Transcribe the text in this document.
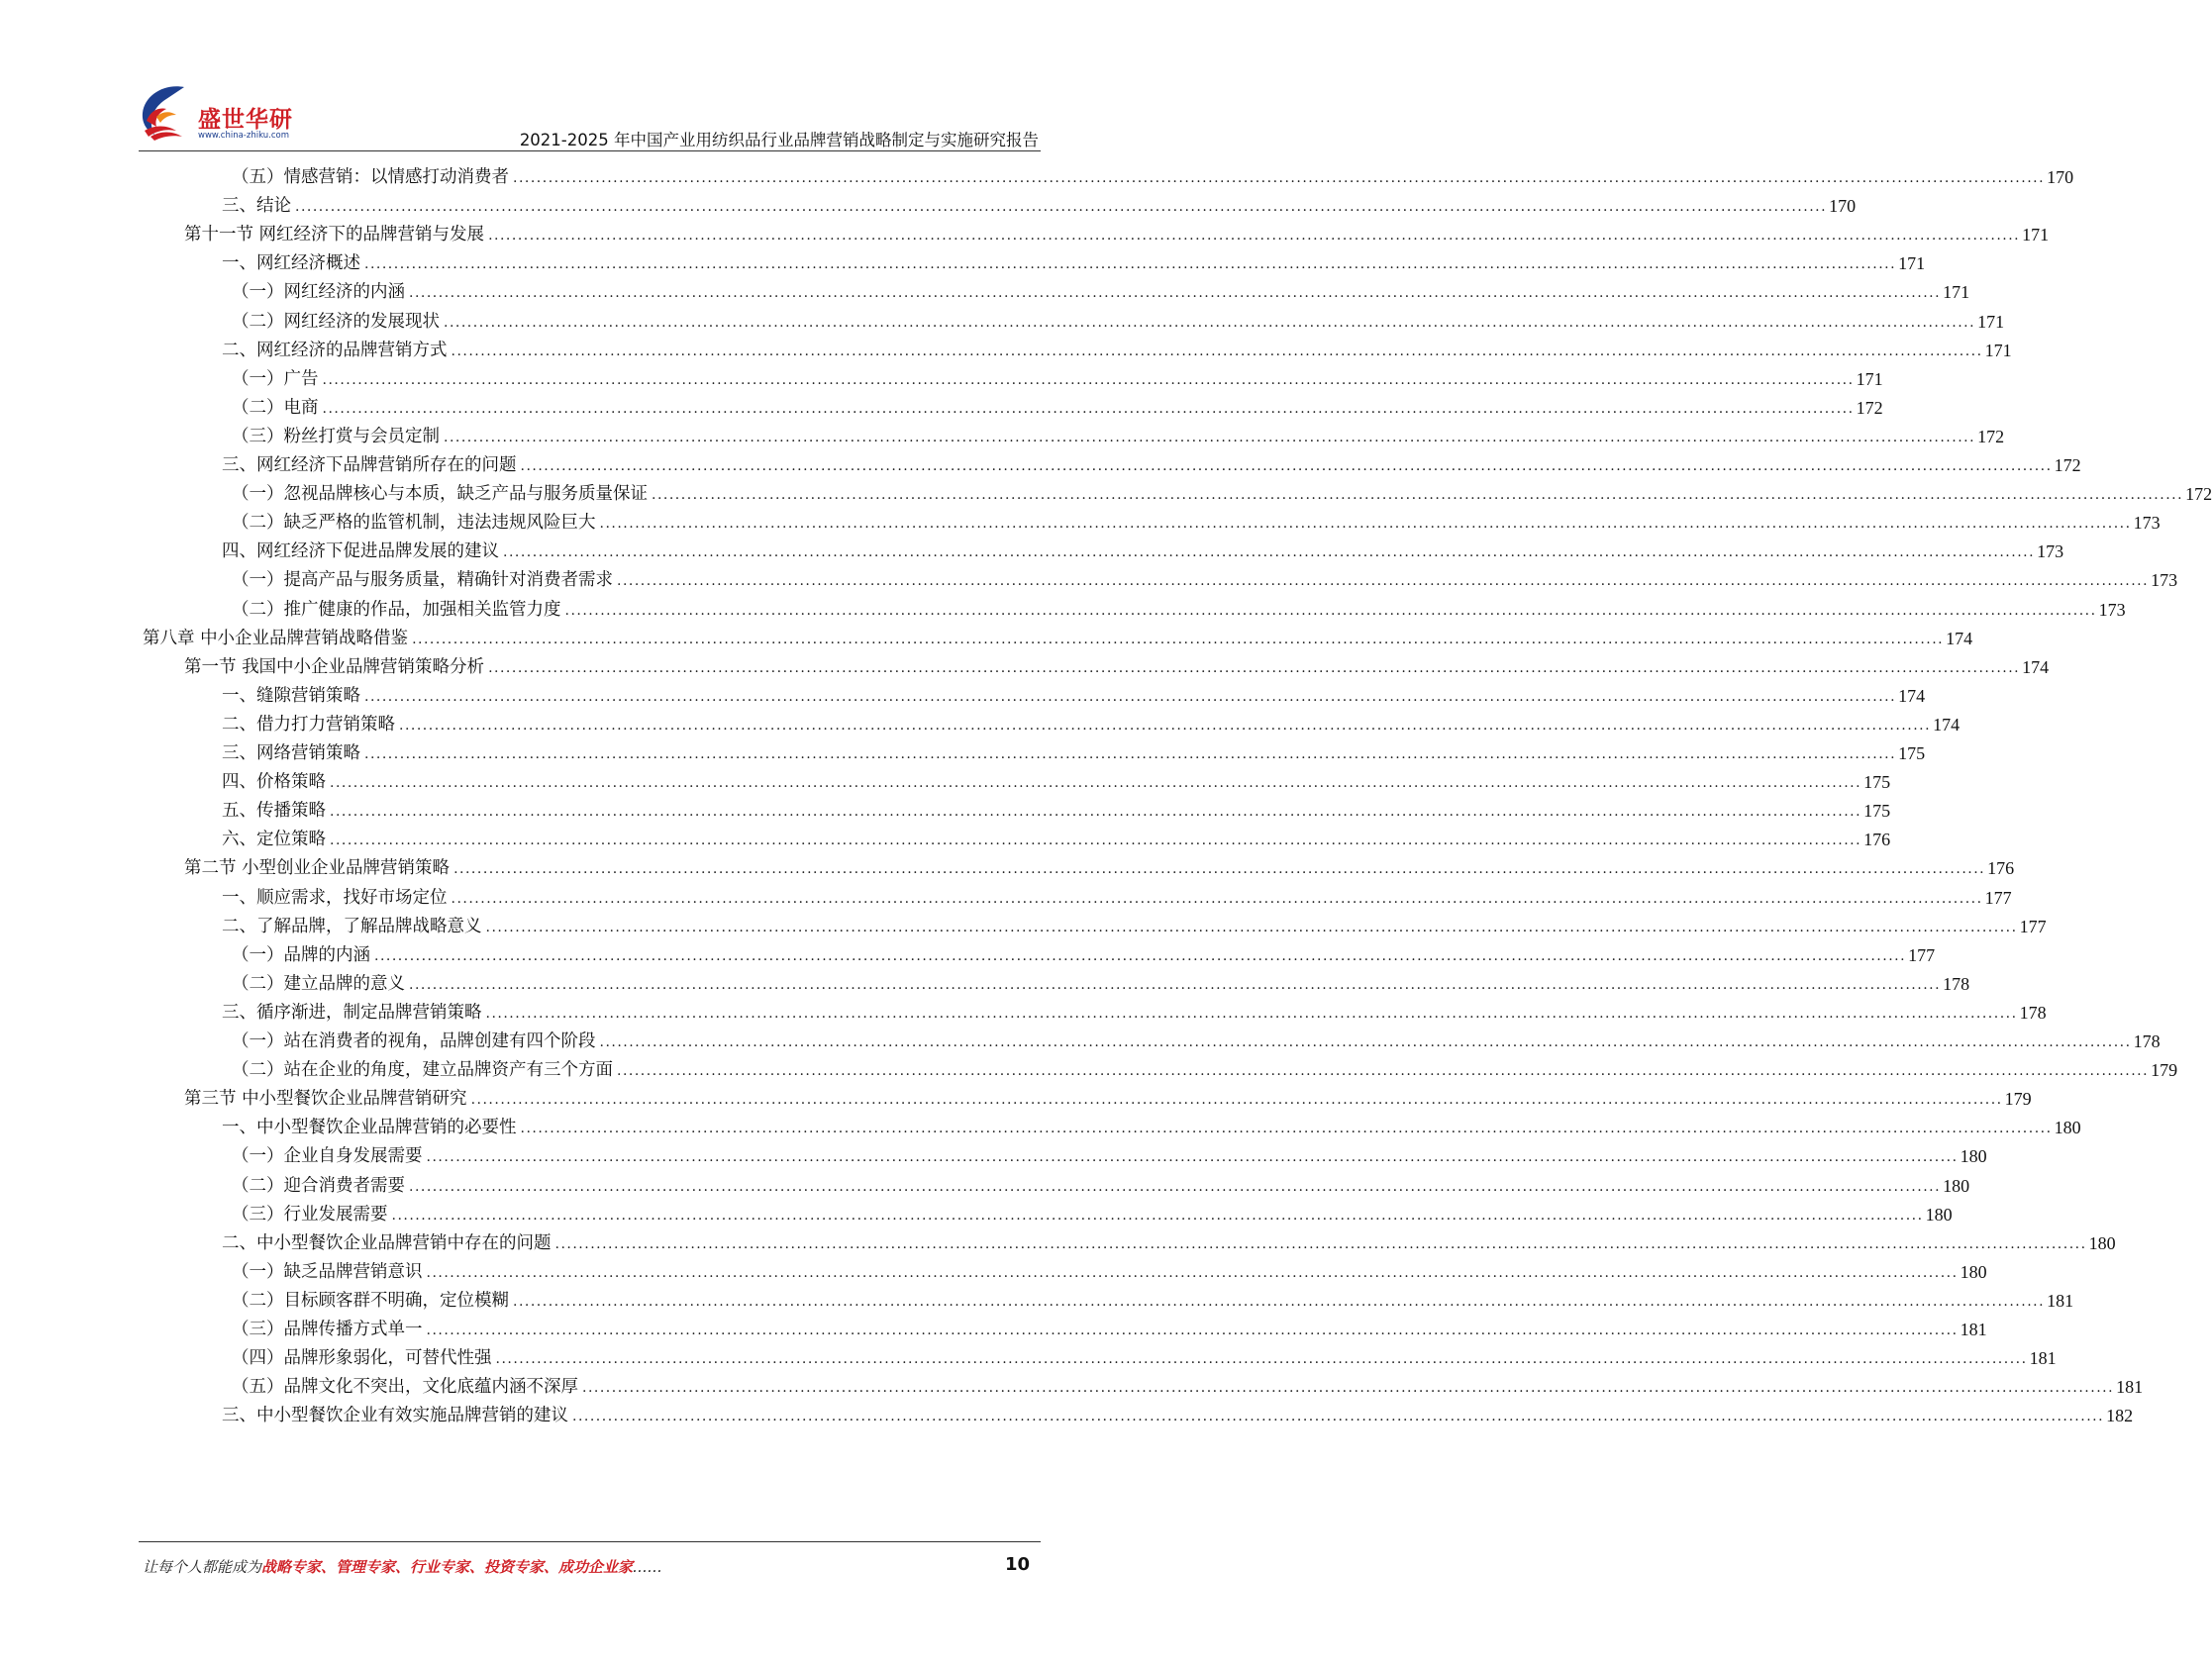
盛世华研
www.china-zhiku.com	2021-2025 年中国产业用纺织品行业品牌营销战略制定与实施研究报告
（五）情感营销：以情感打动消费者 .................................................................................................................................................................................................................................................................... 170
三、结论 .................................................................................................................................................................................................................................................................... 170
第十一节 网红经济下的品牌营销与发展 .................................................................................................................................................................................................................................................................... 171
一、网红经济概述 .................................................................................................................................................................................................................................................................... 171
（一）网红经济的内涵 .................................................................................................................................................................................................................................................................... 171
（二）网红经济的发展现状 .................................................................................................................................................................................................................................................................... 171
二、网红经济的品牌营销方式 .................................................................................................................................................................................................................................................................... 171
（一）广告 .................................................................................................................................................................................................................................................................... 171
（二）电商 .................................................................................................................................................................................................................................................................... 172
（三）粉丝打赏与会员定制 .................................................................................................................................................................................................................................................................... 172
三、网红经济下品牌营销所存在的问题 .................................................................................................................................................................................................................................................................... 172
（一）忽视品牌核心与本质，缺乏产品与服务质量保证 .................................................................................................................................................................................................................................................................... 172
（二）缺乏严格的监管机制，违法违规风险巨大 .................................................................................................................................................................................................................................................................... 173
四、网红经济下促进品牌发展的建议 .................................................................................................................................................................................................................................................................... 173
（一）提高产品与服务质量，精确针对消费者需求 .................................................................................................................................................................................................................................................................... 173
（二）推广健康的作品，加强相关监管力度 .................................................................................................................................................................................................................................................................... 173
第八章 中小企业品牌营销战略借鉴 .................................................................................................................................................................................................................................................................... 174
第一节 我国中小企业品牌营销策略分析 .................................................................................................................................................................................................................................................................... 174
一、缝隙营销策略 .................................................................................................................................................................................................................................................................... 174
二、借力打力营销策略 .................................................................................................................................................................................................................................................................... 174
三、网络营销策略 .................................................................................................................................................................................................................................................................... 175
四、价格策略 .................................................................................................................................................................................................................................................................... 175
五、传播策略 .................................................................................................................................................................................................................................................................... 175
六、定位策略 .................................................................................................................................................................................................................................................................... 176
第二节 小型创业企业品牌营销策略 .................................................................................................................................................................................................................................................................... 176
一、顺应需求，找好市场定位 .................................................................................................................................................................................................................................................................... 177
二、了解品牌，了解品牌战略意义 .................................................................................................................................................................................................................................................................... 177
（一）品牌的内涵 .................................................................................................................................................................................................................................................................... 177
（二）建立品牌的意义 .................................................................................................................................................................................................................................................................... 178
三、循序渐进，制定品牌营销策略 .................................................................................................................................................................................................................................................................... 178
（一）站在消费者的视角，品牌创建有四个阶段 .................................................................................................................................................................................................................................................................... 178
（二）站在企业的角度，建立品牌资产有三个方面 .................................................................................................................................................................................................................................................................... 179
第三节 中小型餐饮企业品牌营销研究 .................................................................................................................................................................................................................................................................... 179
一、中小型餐饮企业品牌营销的必要性 .................................................................................................................................................................................................................................................................... 180
（一）企业自身发展需要 .................................................................................................................................................................................................................................................................... 180
（二）迎合消费者需要 .................................................................................................................................................................................................................................................................... 180
（三）行业发展需要 .................................................................................................................................................................................................................................................................... 180
二、中小型餐饮企业品牌营销中存在的问题 .................................................................................................................................................................................................................................................................... 180
（一）缺乏品牌营销意识 .................................................................................................................................................................................................................................................................... 180
（二）目标顾客群不明确，定位模糊 .................................................................................................................................................................................................................................................................... 181
（三）品牌传播方式单一 .................................................................................................................................................................................................................................................................... 181
（四）品牌形象弱化，可替代性强 .................................................................................................................................................................................................................................................................... 181
（五）品牌文化不突出，文化底蕴内涵不深厚 .................................................................................................................................................................................................................................................................... 181
三、中小型餐饮企业有效实施品牌营销的建议 .................................................................................................................................................................................................................................................................... 182
让每个人都能成为战略专家、管理专家、行业专家、投资专家、成功企业家……	10
